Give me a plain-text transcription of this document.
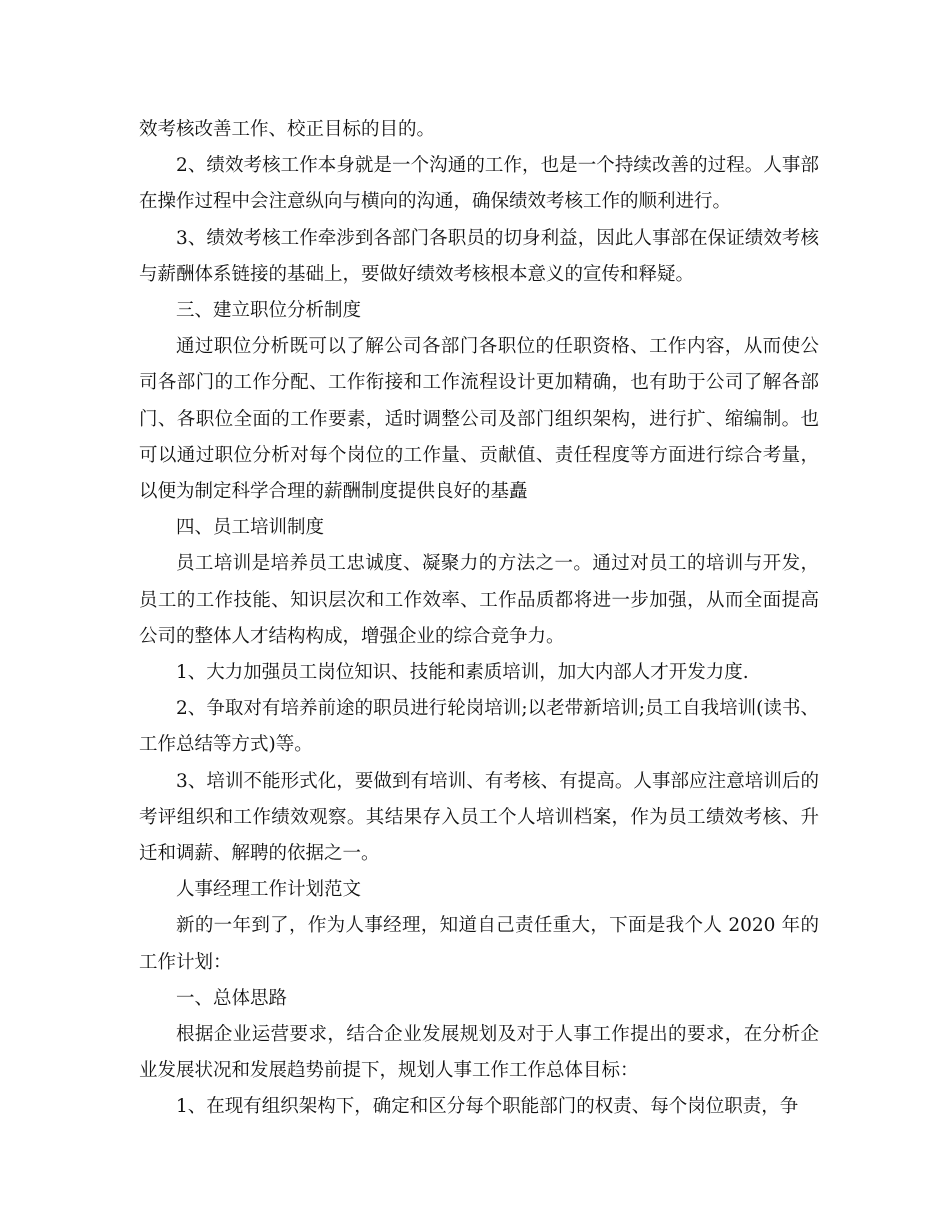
效考核改善工作、校正目标的目的。

2、绩效考核工作本身就是一个沟通的工作，也是一个持续改善的过程。人事部在操作过程中会注意纵向与横向的沟通，确保绩效考核工作的顺利进行。

3、绩效考核工作牵涉到各部门各职员的切身利益，因此人事部在保证绩效考核与薪酬体系链接的基础上，要做好绩效考核根本意义的宣传和释疑。

三、建立职位分析制度

通过职位分析既可以了解公司各部门各职位的任职资格、工作内容，从而使公司各部门的工作分配、工作衔接和工作流程设计更加精确，也有助于公司了解各部门、各职位全面的工作要素，适时调整公司及部门组织架构，进行扩、缩编制。也可以通过职位分析对每个岗位的工作量、贡献值、责任程度等方面进行综合考量，以便为制定科学合理的薪酬制度提供良好的基矗

四、员工培训制度

员工培训是培养员工忠诚度、凝聚力的方法之一。通过对员工的培训与开发，员工的工作技能、知识层次和工作效率、工作品质都将进一步加强，从而全面提高公司的整体人才结构构成，增强企业的综合竞争力。

1、大力加强员工岗位知识、技能和素质培训，加大内部人才开发力度.

2、争取对有培养前途的职员进行轮岗培训;以老带新培训;员工自我培训(读书、工作总结等方式)等。

3、培训不能形式化，要做到有培训、有考核、有提高。人事部应注意培训后的考评组织和工作绩效观察。其结果存入员工个人培训档案，作为员工绩效考核、升迁和调薪、解聘的依据之一。

人事经理工作计划范文

新的一年到了，作为人事经理，知道自己责任重大，下面是我个人 2020 年的工作计划：

一、总体思路

根据企业运营要求，结合企业发展规划及对于人事工作提出的要求，在分析企业发展状况和发展趋势前提下，规划人事工作工作总体目标：

1、在现有组织架构下，确定和区分每个职能部门的权责、每个岗位职责，争
